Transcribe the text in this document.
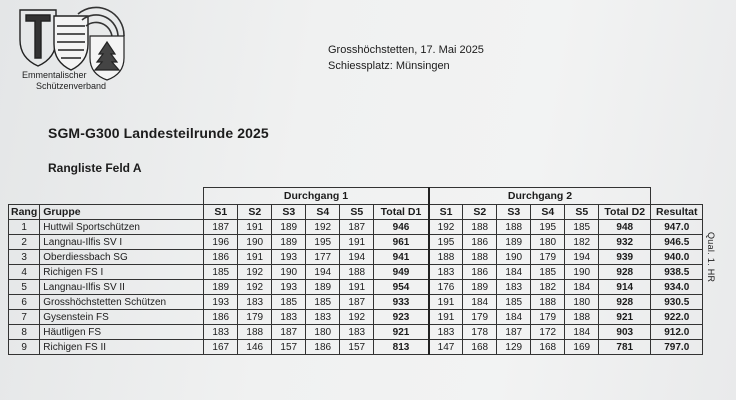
Emmentalischer
Schützenverband
Grosshöchstetten, 17. Mai 2025
Schiessplatz: Münsingen
SGM-G300 Landesteilrunde 2025
Rangliste Feld A
		Durchgang 1						Durchgang 2						
Rang	Gruppe	S1	S2	S3	S4	S5	Total D1	S1	S2	S3	S4	S5	Total D2	Resultat
1	Huttwil Sportschützen	187	191	189	192	187	946	192	188	188	195	185	948	947.0
2	Langnau-Ilfis SV I	196	190	189	195	191	961	195	186	189	180	182	932	946.5
3	Oberdiessbach SG	186	191	193	177	194	941	188	188	190	179	194	939	940.0
4	Richigen FS I	185	192	190	194	188	949	183	186	184	185	190	928	938.5
5	Langnau-Ilfis SV II	189	192	193	189	191	954	176	189	183	182	184	914	934.0
6	Grosshöchstetten Schützen	193	183	185	185	187	933	191	184	185	188	180	928	930.5
7	Gysenstein FS	186	179	183	183	192	923	191	179	184	179	188	921	922.0
8	Häutligen FS	183	188	187	180	183	921	183	178	187	172	184	903	912.0
9	Richigen FS II	167	146	157	186	157	813	147	168	129	168	169	781	797.0
Qual. 1. HR
